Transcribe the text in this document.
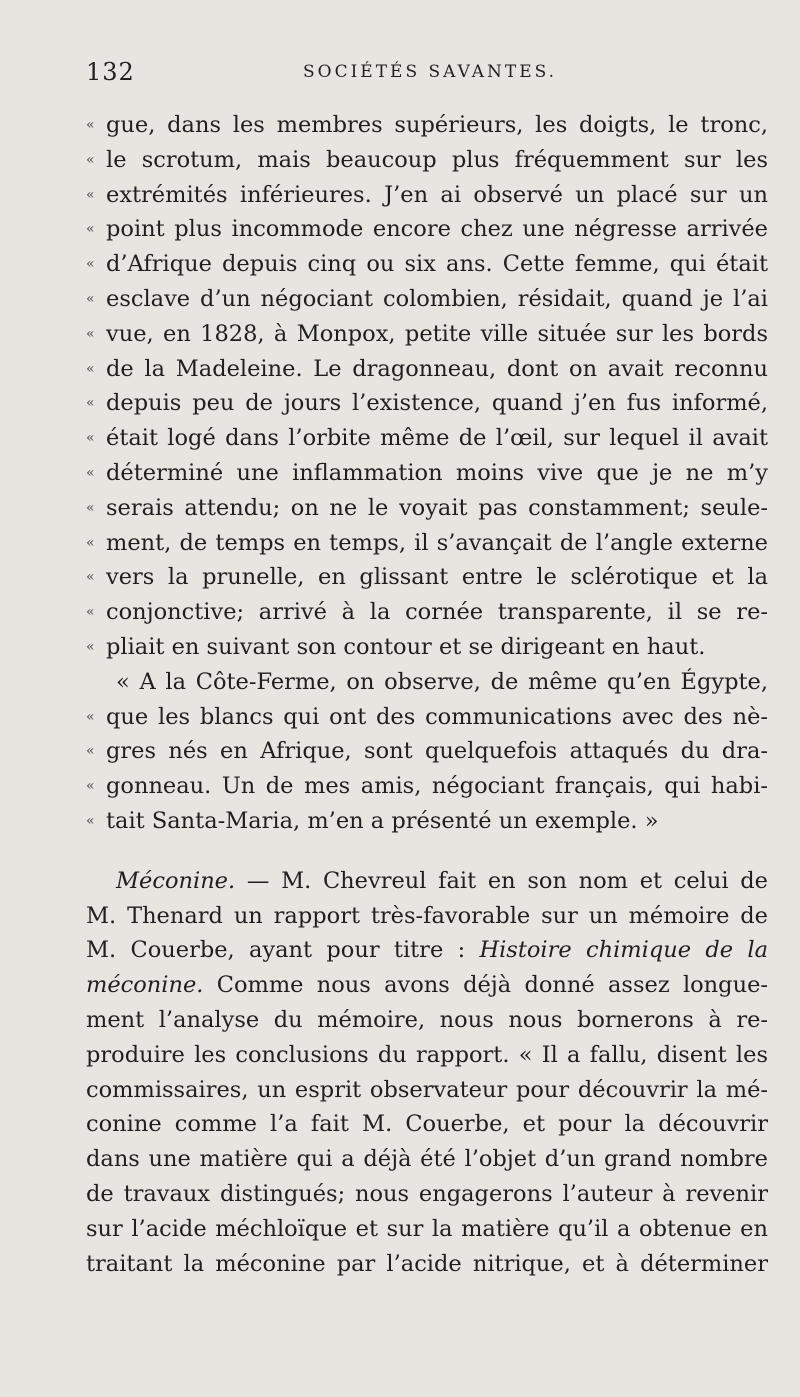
132	SOCIÉTÉS SAVANTES.
« gue, dans les membres supérieurs, les doigts, le tronc,
« le scrotum, mais beaucoup plus fréquemment sur les
« extrémités inférieures. J’en ai observé un placé sur un
« point plus incommode encore chez une négresse arrivée
« d’Afrique depuis cinq ou six ans. Cette femme, qui était
« esclave d’un négociant colombien, résidait, quand je l’ai
« vue, en 1828, à Monpox, petite ville située sur les bords
« de la Madeleine. Le dragonneau, dont on avait reconnu
« depuis peu de jours l’existence, quand j’en fus informé,
« était logé dans l’orbite même de l’œil, sur lequel il avait
« déterminé une inflammation moins vive que je ne m’y
« serais attendu; on ne le voyait pas constamment; seule-
« ment, de temps en temps, il s’avançait de l’angle externe
« vers la prunelle, en glissant entre le sclérotique et la
« conjonctive; arrivé à la cornée transparente, il se re-
« pliait en suivant son contour et se dirigeant en haut.
« A la Côte-Ferme, on observe, de même qu’en Égypte,
« que les blancs qui ont des communications avec des nè-
« gres nés en Afrique, sont quelquefois attaqués du dra-
« gonneau. Un de mes amis, négociant français, qui habi-
« tait Santa-Maria, m’en a présenté un exemple. »
Méconine. — M. Chevreul fait en son nom et celui de
M. Thenard un rapport très-favorable sur un mémoire de
M. Couerbe, ayant pour titre : Histoire chimique de la
méconine. Comme nous avons déjà donné assez longue-
ment l’analyse du mémoire, nous nous bornerons à re-
produire les conclusions du rapport. « Il a fallu, disent les
commissaires, un esprit observateur pour découvrir la mé-
conine comme l’a fait M. Couerbe, et pour la découvrir
dans une matière qui a déjà été l’objet d’un grand nombre
de travaux distingués; nous engagerons l’auteur à revenir
sur l’acide méchloïque et sur la matière qu’il a obtenue en
traitant la méconine par l’acide nitrique, et à déterminer
